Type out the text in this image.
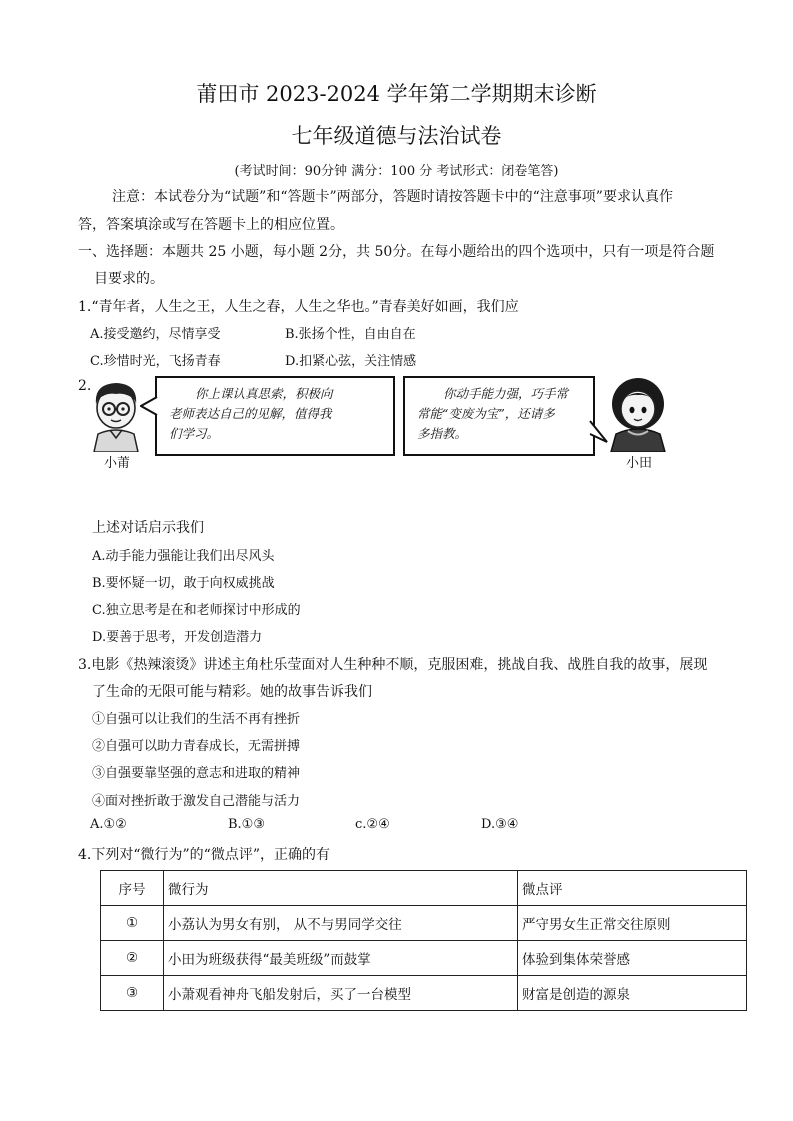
莆田市 2023-2024 学年第二学期期末诊断
七年级道德与法治试卷
(考试时间：90分钟 满分：100 分 考试形式：闭卷笔答)
注意：本试卷分为“试题”和“答题卡”两部分，答题时请按答题卡中的“注意事项”要求认真作
答，答案填涂或写在答题卡上的相应位置。
一、选择题：本题共 25 小题，每小题 2分，共 50分。在每小题给出的四个选项中，只有一项是符合题
目要求的。
1.“青年者，人生之王，人生之春，人生之华也。”青春美好如画，我们应
A.接受邀约，尽情享受	B.张扬个性，自由自在
C.珍惜时光，飞扬青春	D.扣紧心弦，关注情感
2.
小莆
你上课认真思索，积极向
老师表达自己的见解，值得我
们学习。
你动手能力强，巧手常
常能“变废为宝”，还请多
多指教。
小田
上述对话启示我们
A.动手能力强能让我们出尽风头
B.要怀疑一切，敢于向权威挑战
C.独立思考是在和老师探讨中形成的
D.要善于思考，开发创造潜力
3.电影《热辣滚烫》讲述主角杜乐莹面对人生种种不顺，克服困难，挑战自我、战胜自我的故事，展现
了生命的无限可能与精彩。她的故事告诉我们
①自强可以让我们的生活不再有挫折
②自强可以助力青春成长，无需拼搏
③自强要靠坚强的意志和进取的精神
④面对挫折敢于激发自己潜能与活力
A.①②	B.①③	c.②④	D.③④
4.下列对“微行为”的“微点评”，正确的有
序号	微行为	微点评
①	小荔认为男女有别， 从不与男同学交往	严守男女生正常交往原则
②	小田为班级获得“最美班级”而鼓掌	体验到集体荣誉感
③	小萧观看神舟飞船发射后，买了一台模型	财富是创造的源泉
